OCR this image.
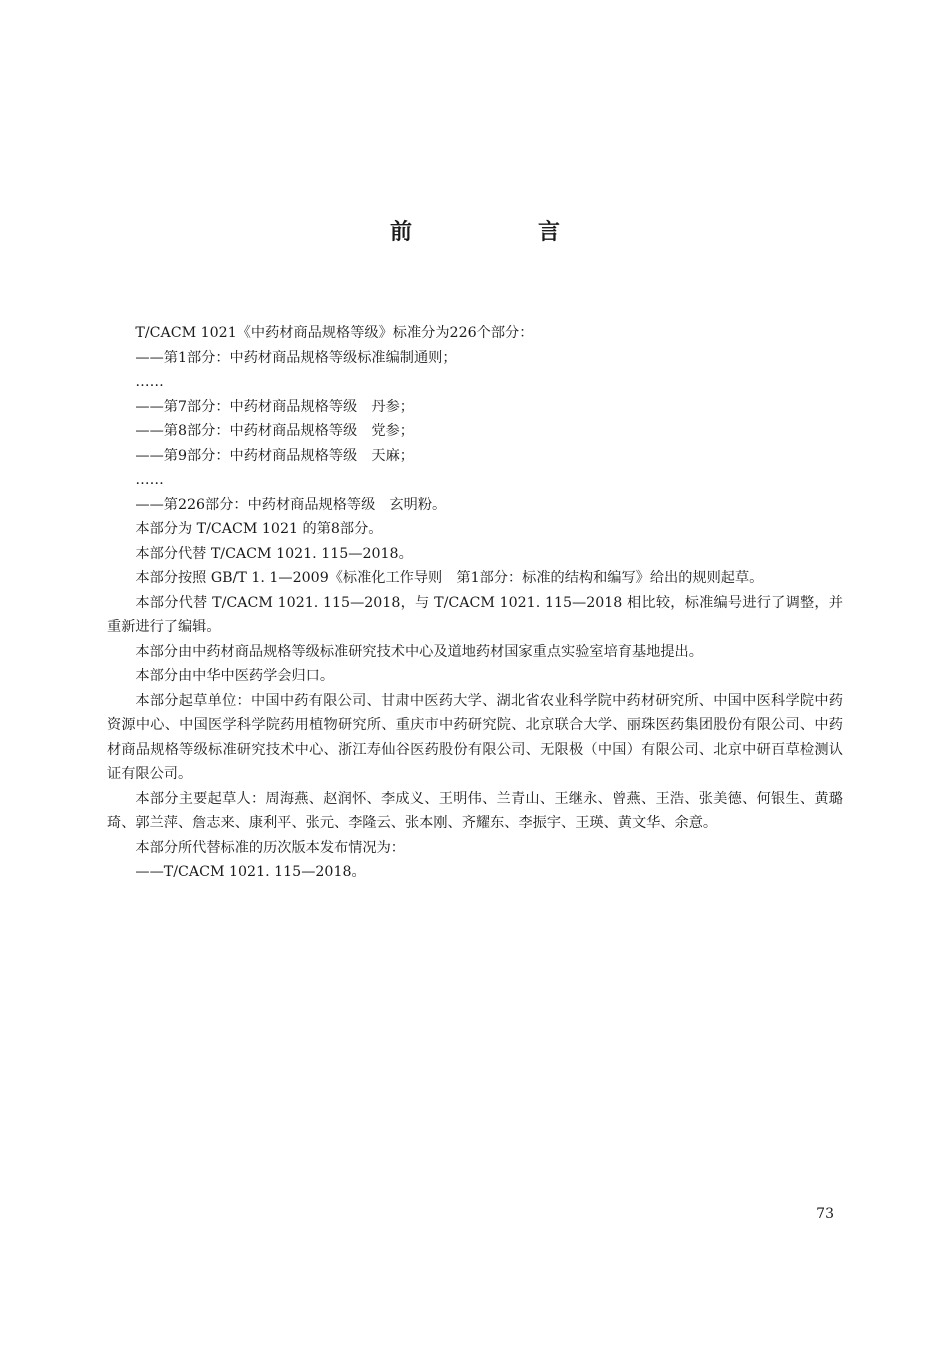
前　言

T/CACM 1021《中药材商品规格等级》标准分为226个部分：

——第1部分：中药材商品规格等级标准编制通则；

……

——第7部分：中药材商品规格等级　丹参；

——第8部分：中药材商品规格等级　党参；

——第9部分：中药材商品规格等级　天麻；

……

——第226部分：中药材商品规格等级　玄明粉。

本部分为 T/CACM 1021 的第8部分。

本部分代替 T/CACM 1021. 115—2018。

本部分按照 GB/T 1. 1—2009《标准化工作导则　第1部分：标准的结构和编写》给出的规则起草。

本部分代替 T/CACM 1021. 115—2018，与 T/CACM 1021. 115—2018 相比较，标准编号进行了调整，并重新进行了编辑。

本部分由中药材商品规格等级标准研究技术中心及道地药材国家重点实验室培育基地提出。

本部分由中华中医药学会归口。

本部分起草单位：中国中药有限公司、甘肃中医药大学、湖北省农业科学院中药材研究所、中国中医科学院中药资源中心、中国医学科学院药用植物研究所、重庆市中药研究院、北京联合大学、丽珠医药集团股份有限公司、中药材商品规格等级标准研究技术中心、浙江寿仙谷医药股份有限公司、无限极（中国）有限公司、北京中研百草检测认证有限公司。

本部分主要起草人：周海燕、赵润怀、李成义、王明伟、兰青山、王继永、曾燕、王浩、张美德、何银生、黄璐琦、郭兰萍、詹志来、康利平、张元、李隆云、张本刚、齐耀东、李振宇、王瑛、黄文华、余意。

本部分所代替标准的历次版本发布情况为：

——T/CACM 1021. 115—2018。

73
